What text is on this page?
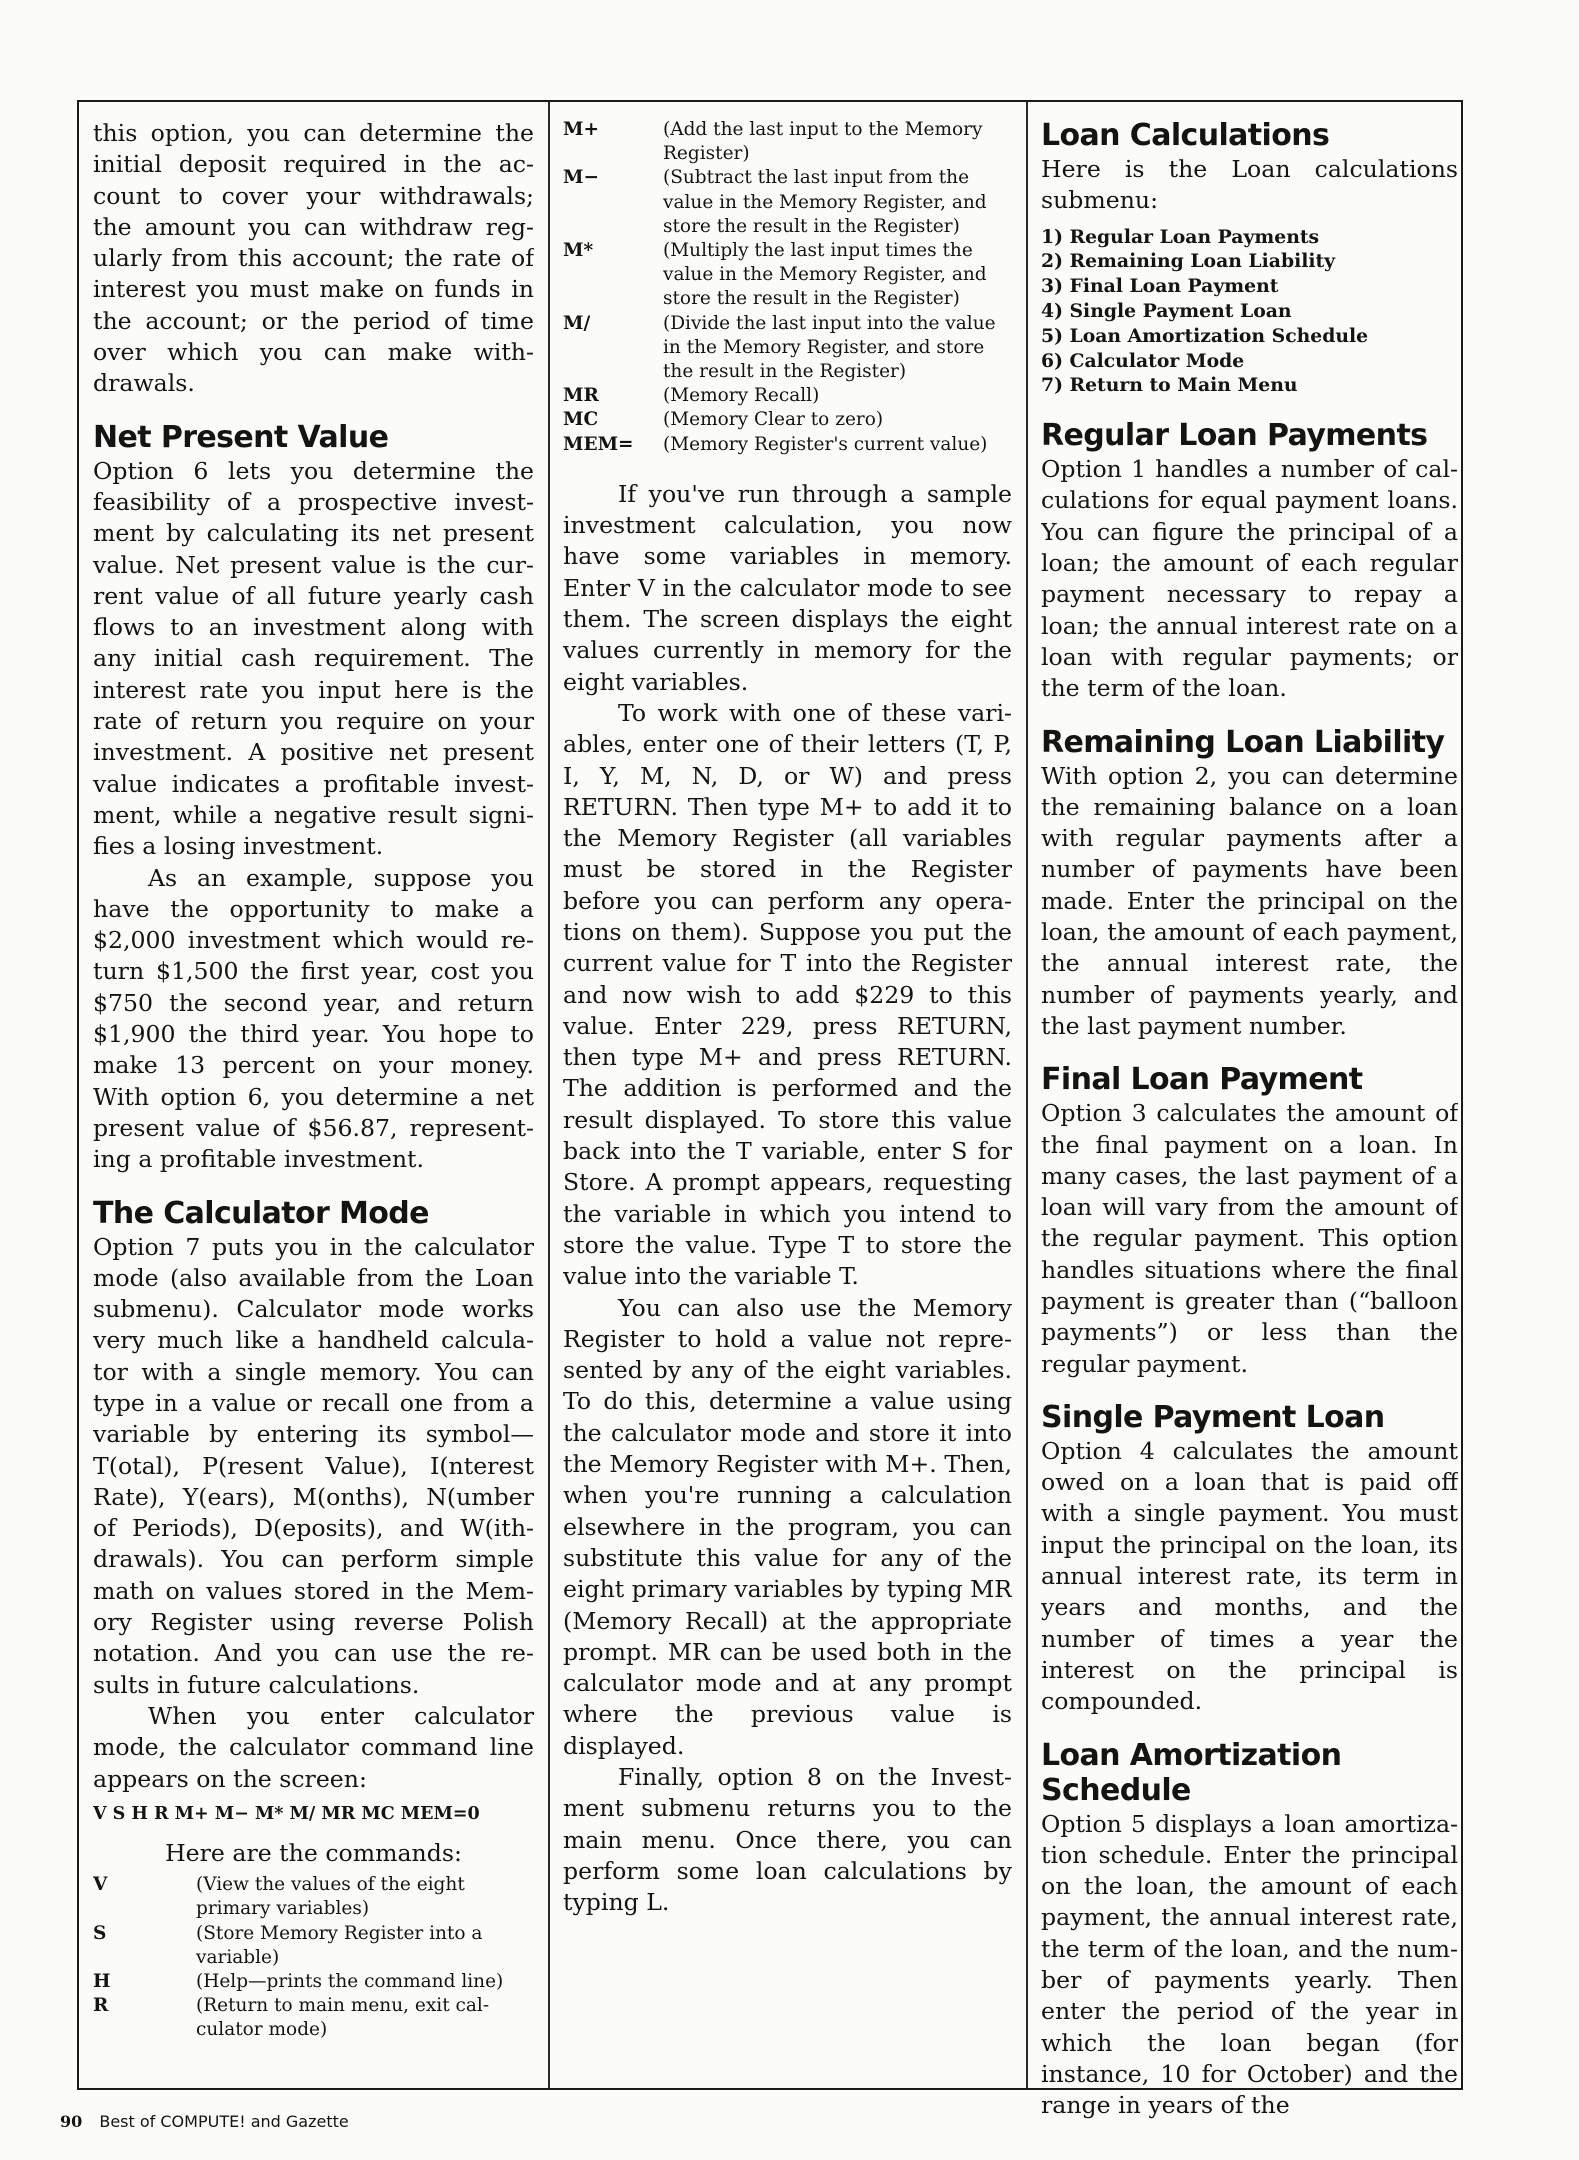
this option, you can determine the initial deposit required in the account to cover your withdrawals; the amount you can withdraw regularly from this account; the rate of interest you must make on funds in the account; or the period of time over which you can make withdrawals.

Net Present Value

Option 6 lets you determine the feasibility of a prospective investment by calculating its net present value. Net present value is the current value of all future yearly cash flows to an investment along with any initial cash requirement. The interest rate you input here is the rate of return you require on your investment. A positive net present value indicates a profitable investment, while a negative result signifies a losing investment.

As an example, suppose you have the opportunity to make a $2,000 investment which would return $1,500 the first year, cost you $750 the second year, and return $1,900 the third year. You hope to make 13 percent on your money. With option 6, you determine a net present value of $56.87, representing a profitable investment.

The Calculator Mode

Option 7 puts you in the calculator mode (also available from the Loan submenu). Calculator mode works very much like a handheld calculator with a single memory. You can type in a value or recall one from a variable by entering its symbol— T(otal), P(resent Value), I(nterest Rate), Y(ears), M(onths), N(umber of Periods), D(eposits), and W(ithdrawals). You can perform simple math on values stored in the Memory Register using reverse Polish notation. And you can use the results in future calculations.

When you enter calculator mode, the calculator command line appears on the screen:

V S H R M+ M− M* M/ MR MC MEM=0

Here are the commands:

V	(View the values of the eight primary variables)
S	(Store Memory Register into a variable)
H	(Help—prints the command line)
R	(Return to main menu, exit calculator mode)
M+	(Add the last input to the Memory Register)
M−	(Subtract the last input from the value in the Memory Register, and store the result in the Register)
M*	(Multiply the last input times the value in the Memory Register, and store the result in the Register)
M/	(Divide the last input into the value in the Memory Register, and store the result in the Register)
MR	(Memory Recall)
MC	(Memory Clear to zero)
MEM=	(Memory Register's current value)

If you've run through a sample investment calculation, you now have some variables in memory. Enter V in the calculator mode to see them. The screen displays the eight values currently in memory for the eight variables.

To work with one of these variables, enter one of their letters (T, P, I, Y, M, N, D, or W) and press RETURN. Then type M+ to add it to the Memory Register (all variables must be stored in the Register before you can perform any operations on them). Suppose you put the current value for T into the Register and now wish to add $229 to this value. Enter 229, press RETURN, then type M+ and press RETURN. The addition is performed and the result displayed. To store this value back into the T variable, enter S for Store. A prompt appears, requesting the variable in which you intend to store the value. Type T to store the value into the variable T.

You can also use the Memory Register to hold a value not represented by any of the eight variables. To do this, determine a value using the calculator mode and store it into the Memory Register with M+. Then, when you're running a calculation elsewhere in the program, you can substitute this value for any of the eight primary variables by typing MR (Memory Recall) at the appropriate prompt. MR can be used both in the calculator mode and at any prompt where the previous value is displayed.

Finally, option 8 on the Investment submenu returns you to the main menu. Once there, you can perform some loan calculations by typing L.

Loan Calculations

Here is the Loan calculations submenu:

1) Regular Loan Payments
2) Remaining Loan Liability
3) Final Loan Payment
4) Single Payment Loan
5) Loan Amortization Schedule
6) Calculator Mode
7) Return to Main Menu
Regular Loan Payments

Option 1 handles a number of calculations for equal payment loans. You can figure the principal of a loan; the amount of each regular payment necessary to repay a loan; the annual interest rate on a loan with regular payments; or the term of the loan.

Remaining Loan Liability

With option 2, you can determine the remaining balance on a loan with regular payments after a number of payments have been made. Enter the principal on the loan, the amount of each payment, the annual interest rate, the number of payments yearly, and the last payment number.

Final Loan Payment

Option 3 calculates the amount of the final payment on a loan. In many cases, the last payment of a loan will vary from the amount of the regular payment. This option handles situations where the final payment is greater than (“balloon payments”) or less than the regular payment.

Single Payment Loan

Option 4 calculates the amount owed on a loan that is paid off with a single payment. You must input the principal on the loan, its annual interest rate, its term in years and months, and the number of times a year the interest on the principal is compounded.

Loan Amortization Schedule

Option 5 displays a loan amortization schedule. Enter the principal on the loan, the amount of each payment, the annual interest rate, the term of the loan, and the number of payments yearly. Then enter the period of the year in which the loan began (for instance, 10 for October) and the range in years of the

90 Best of COMPUTE! and Gazette
